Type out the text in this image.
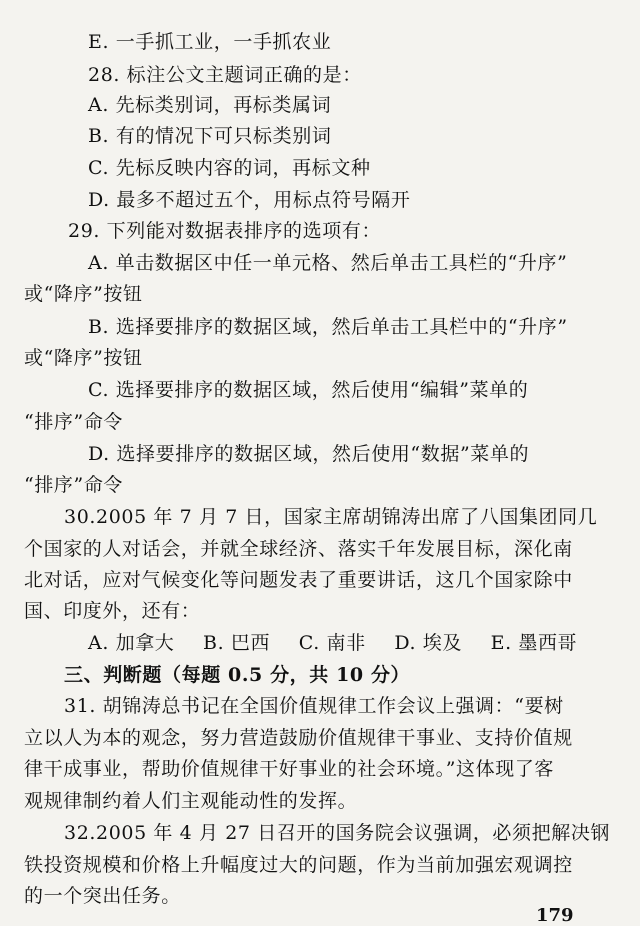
E. 一手抓工业，一手抓农业
28. 标注公文主题词正确的是：
A. 先标类别词，再标类属词
B. 有的情况下可只标类别词
C. 先标反映内容的词，再标文种
D. 最多不超过五个，用标点符号隔开
29. 下列能对数据表排序的选项有：
A. 单击数据区中任一单元格、然后单击工具栏的“升序”
或“降序”按钮
B. 选择要排序的数据区域，然后单击工具栏中的“升序”
或“降序”按钮
C. 选择要排序的数据区域，然后使用“编辑”菜单的
“排序”命令
D. 选择要排序的数据区域，然后使用“数据”菜单的
“排序”命令
30.2005 年 7 月 7 日，国家主席胡锦涛出席了八国集团同几
个国家的人对话会，并就全球经济、落实千年发展目标，深化南
北对话，应对气候变化等问题发表了重要讲话，这几个国家除中
国、印度外，还有：
A. 加拿大 B. 巴西 C. 南非 D. 埃及 E. 墨西哥
三、判断题（每题 0.5 分，共 10 分）
31. 胡锦涛总书记在全国价值规律工作会议上强调：“要树
立以人为本的观念，努力营造鼓励价值规律干事业、支持价值规
律干成事业，帮助价值规律干好事业的社会环境。”这体现了客
观规律制约着人们主观能动性的发挥。
32.2005 年 4 月 27 日召开的国务院会议强调，必须把解决钢
铁投资规模和价格上升幅度过大的问题，作为当前加强宏观调控
的一个突出任务。
179
